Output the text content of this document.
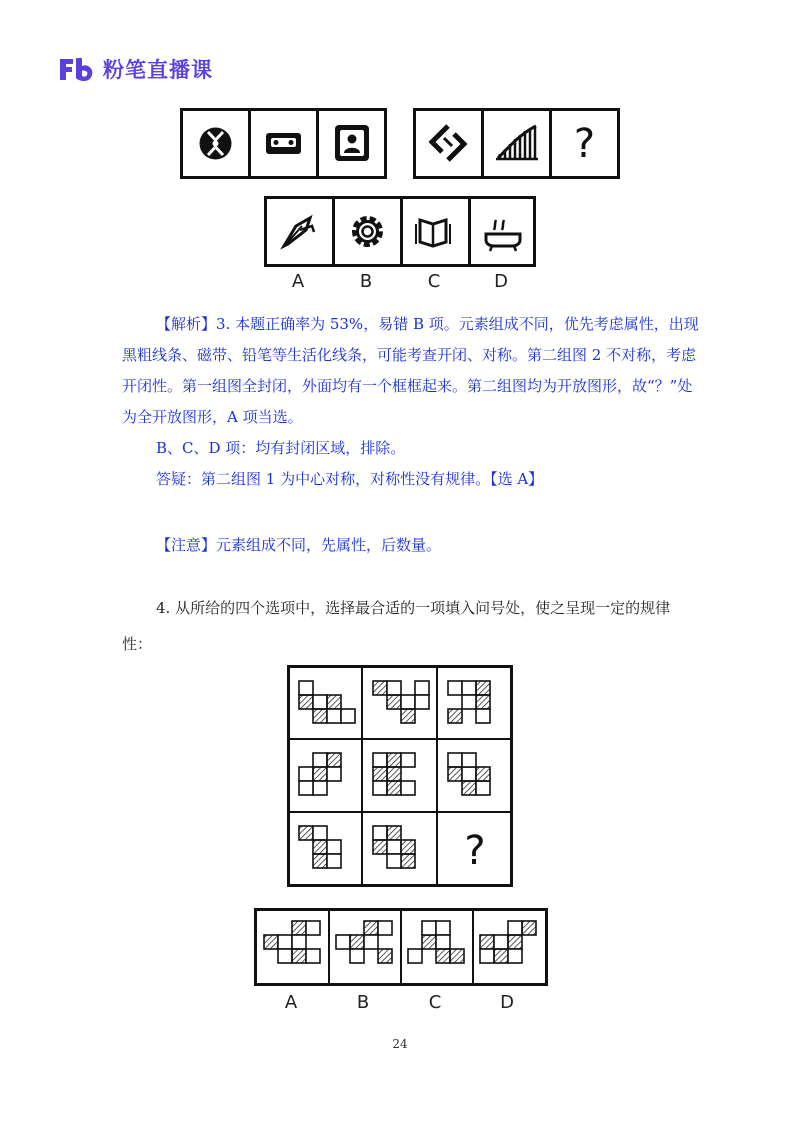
粉笔直播课
?
A	B	C	D
【解析】3. 本题正确率为 53%，易错 B 项。元素组成不同，优先考虑属性，出现黑粗线条、磁带、铅笔等生活化线条，可能考查开闭、对称。第二组图 2 不对称，考虑开闭性。第一组图全封闭，外面均有一个框框起来。第二组图均为开放图形，故“？”处为全开放图形，A 项当选。
B、C、D 项：均有封闭区域，排除。
答疑：第二组图 1 为中心对称，对称性没有规律。【选 A】
【注意】元素组成不同，先属性，后数量。
4. 从所给的四个选项中，选择最合适的一项填入问号处，使之呈现一定的规律性：
?
A	B	C	D
24
